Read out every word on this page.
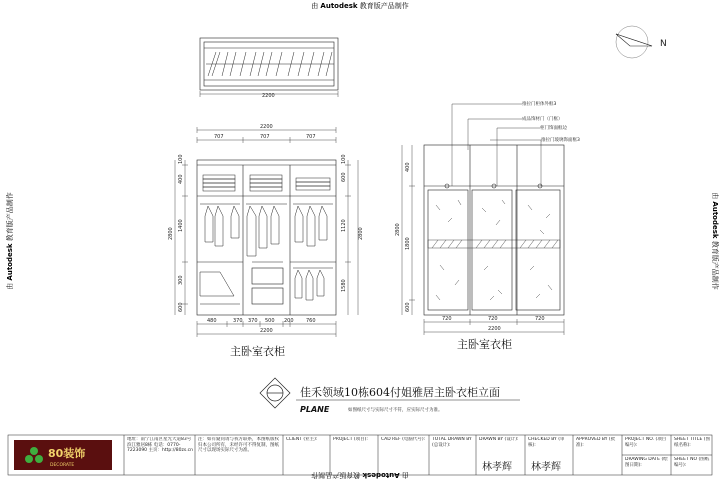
由 Autodesk 教育版产品制作
由 Autodesk 教育版产品制作
由 Autodesk 教育版产品制作	由 Autodesk 教育版产品制作
2200
N
2200
707	707	707
2800
100
400
1400
300
600
600
1120
1580
100
2800
480	370 370 500 200 760
2200
2800
400
1800
600
720	720	720
2200
佳禾领域10栋604付姐雅居主卧衣柜立面
PLANE	如图纸尺寸与实际尺寸不符，应实际尺寸为准。
80装饰
DECORATE
主卧室衣柜
主卧室衣柜
推拉门柜体外框3
成品饰材门（门框）
柜门饰面框边
推拉门玻璃饰面框3
地址：南宁江南区星光大道83号滨江雅居8栋 电话：0770-7223090 主页：http://80zs.cn
注：如有疑问请与我方联系，本图纸版权归本公司所有，未经许可不得复制，图纸尺寸以现场实际尺寸为准。
CLIENT (业主):	PROJECT (项目):	CAD REF (电脑代号):	TOTAL DRAWN BY (总设计):
DRAWN BY (设计):	CHECKED BY (审核):
APPROVED BY (批准):
PROJECT NO. (项目编号):
SHEET TITLE (图纸名称):
DRAWING DATE (绘图日期):
SHEET NO (图纸编号):
林孝辉 林孝辉
